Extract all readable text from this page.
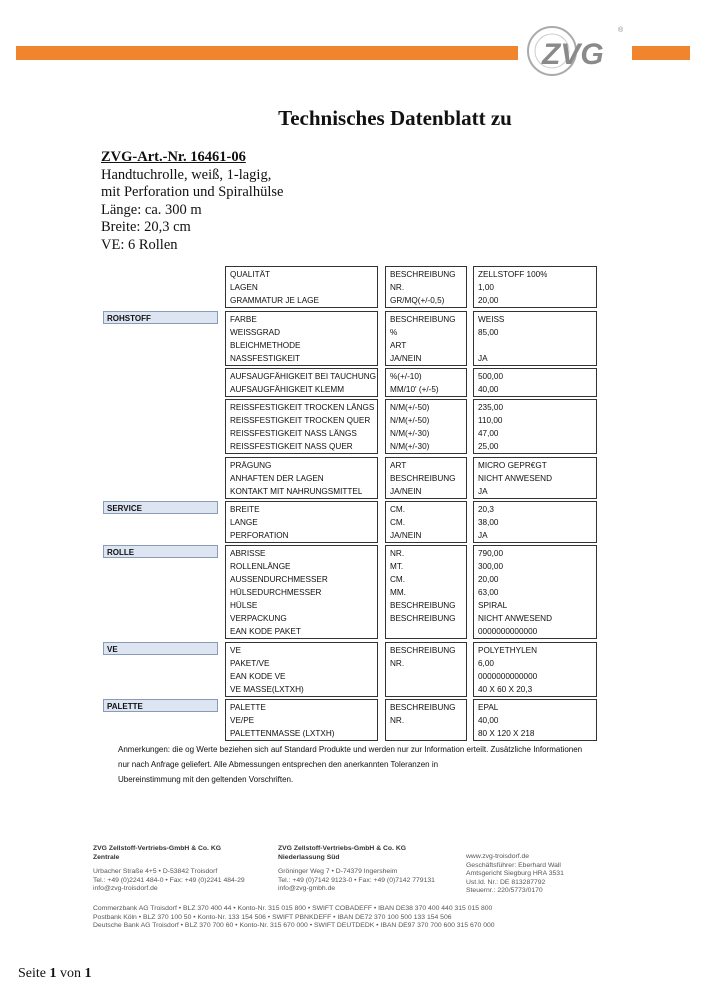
ZVG
®
Technisches Datenblatt zu
ZVG-Art.-Nr. 16461-06
Handtuchrolle, weiß, 1-lagig,
mit Perforation und Spiralhülse
Länge: ca. 300 m
Breite: 20,3 cm
VE: 6 Rollen
ROHSTOFF
SERVICE
ROLLE
VE
PALETTE
QUALITÄT
LAGEN
GRAMMATUR JE LAGE
BESCHREIBUNG
NR.
GR/MQ(+/-0,5)
ZELLSTOFF 100%
1,00
20,00
FARBE
WEISSGRAD
BLEICHMETHODE
NASSFESTIGKEIT
BESCHREIBUNG
%
ART
JA/NEIN
WEISS
85,00
JA
AUFSAUGFÄHIGKEIT BEI TAUCHUNG
AUFSAUGFÄHIGKEIT KLEMM
%(+/-10)
MM/10' (+/-5)
500,00
40,00
REISSFESTIGKEIT TROCKEN LÄNGS
REISSFESTIGKEIT TROCKEN QUER
REISSFESTIGKEIT NASS LÄNGS
REISSFESTIGKEIT NASS QUER
N/M(+/-50)
N/M(+/-50)
N/M(+/-30)
N/M(+/-30)
235,00
110,00
47,00
25,00
PRÄGUNG
ANHAFTEN DER LAGEN
KONTAKT MIT NAHRUNGSMITTEL
ART
BESCHREIBUNG
JA/NEIN
MICRO GEPR€GT
NICHT ANWESEND
JA
BREITE
LANGE
PERFORATION
CM.
CM.
JA/NEIN
20,3
38,00
JA
ABRISSE
ROLLENLÄNGE
AUSSENDURCHMESSER
HÜLSEDURCHMESSER
HÜLSE
VERPACKUNG
EAN KODE PAKET
NR.
MT.
CM.
MM.
BESCHREIBUNG
BESCHREIBUNG
790,00
300,00
20,00
63,00
SPIRAL
NICHT ANWESEND
0000000000000
VE
PAKET/VE
EAN KODE VE
VE MASSE(LXTXH)
BESCHREIBUNG
NR.
POLYETHYLEN
6,00
0000000000000
40 X 60 X 20,3
PALETTE
VE/PE
PALETTENMASSE (LXTXH)
BESCHREIBUNG
NR.
EPAL
40,00
80 X 120 X 218
Anmerkungen: die og Werte beziehen sich auf Standard Produkte und werden nur zur Information erteilt. Zusätzliche Informationen
nur nach Anfrage geliefert. Alle Abmessungen entsprechen den anerkannten Toleranzen in
Ubereinstimmung mit den geltenden Vorschriften.
ZVG Zellstoff-Vertriebs-GmbH & Co. KG
Zentrale
Urbacher Straße 4+5 • D-53842 Troisdorf
Tel.: +49 (0)2241 484-0 • Fax: +49 (0)2241 484-29
info@zvg-troisdorf.de
ZVG Zellstoff-Vertriebs-GmbH & Co. KG
Niederlassung Süd
Gröninger Weg 7 • D-74379 Ingersheim
Tel.: +49 (0)7142 9123-0 • Fax: +49 (0)7142 779131
info@zvg-gmbh.de
www.zvg-troisdorf.de
Geschäftsführer: Eberhard Wall
Amtsgericht Siegburg HRA 3531
Ust.Id. Nr.: DE 813287792
Steuernr.: 220/5773/0170
Commerzbank AG Troisdorf • BLZ 370 400 44 • Konto-Nr. 315 015 800 • SWIFT COBADEFF • IBAN DE38 370 400 440 315 015 800
Postbank Köln • BLZ 370 100 50 • Konto-Nr. 133 154 506 • SWIFT PBNKDEFF • IBAN DE72 370 100 500 133 154 506
Deutsche Bank AG Troisdorf • BLZ 370 700 60 • Konto-Nr. 315 670 000 • SWIFT DEUTDEDK • IBAN DE97 370 700 600 315 670 000
Seite 1 von 1
